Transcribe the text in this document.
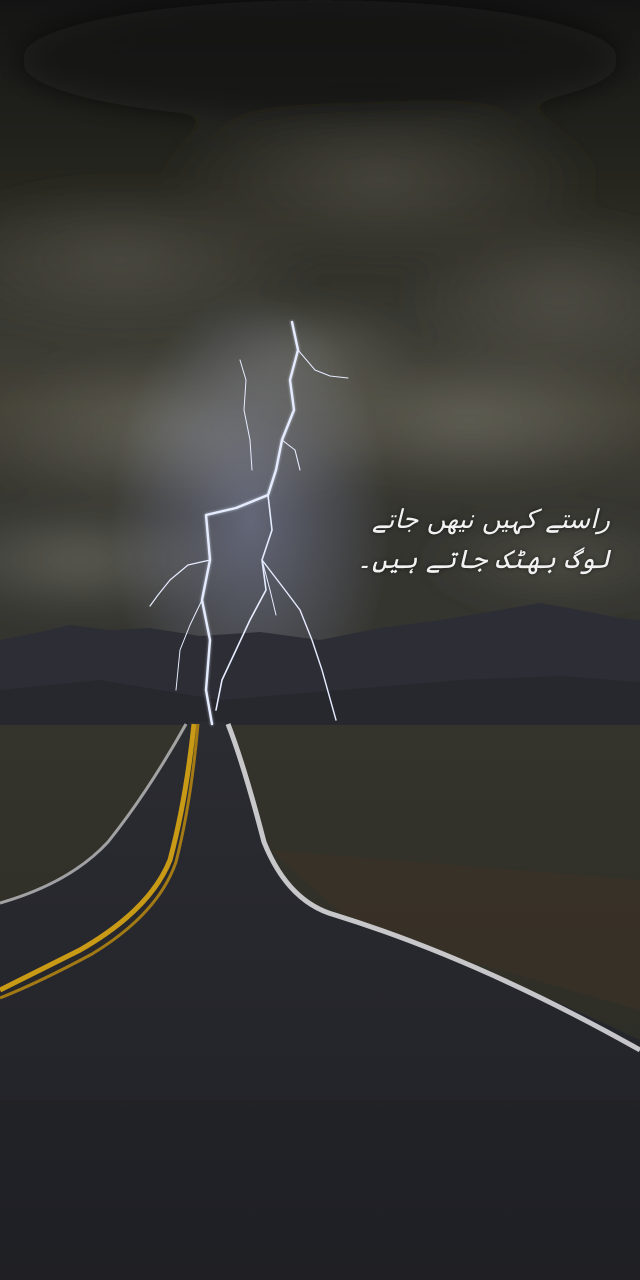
راستے کہیں نیھں جاتے
لوگ بھٹک جاتے ہیں۔
